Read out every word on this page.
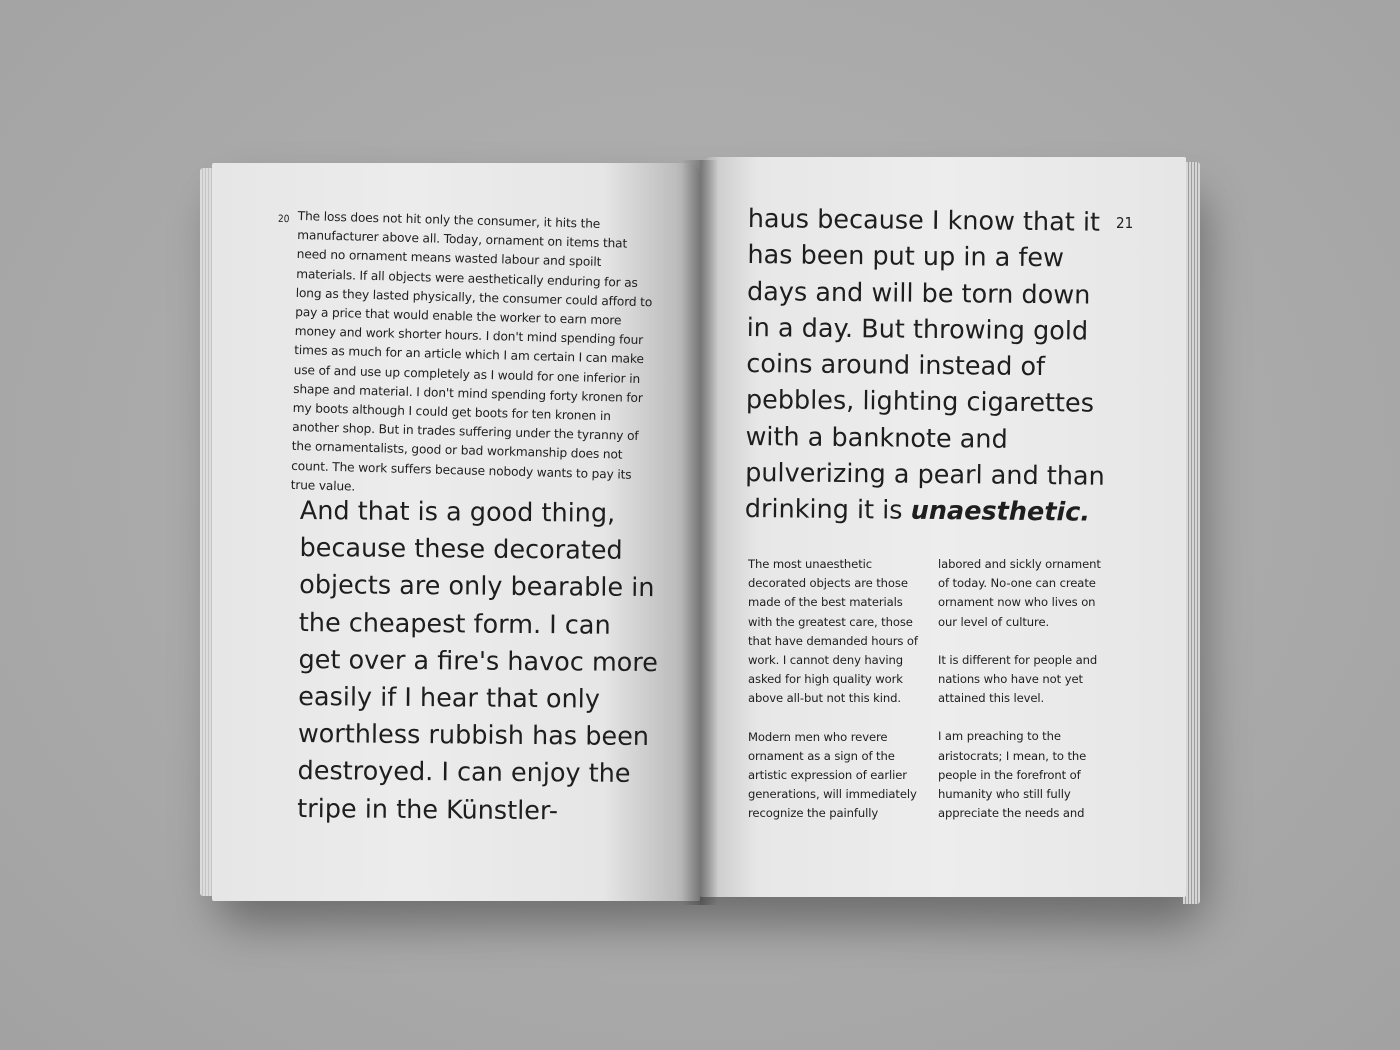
20 The loss does not hit only the consumer, it hits the manufacturer above all. Today, ornament on items that need no ornament means wasted labour and spoilt materials. If all objects were aesthetically enduring for as long as they lasted physically, the consumer could afford to pay a price that would enable the worker to earn more money and work shorter hours. I don't mind spending four times as much for an article which I am certain I can make use of and use up completely as I would for one inferior in shape and material. I don't mind spending forty kronen for my boots although I could get boots for ten kronen in another shop. But in trades suffering under the tyranny of the ornamentalists, good or bad workmanship does not count. The work suffers because nobody wants to pay its true value.

And that is a good thing, because these decorated objects are only bearable in the cheapest form. I can get over a fire's havoc more easily if I hear that only worthless rubbish has been destroyed. I can enjoy the tripe in the Künstler-

21

haus because I know that it has been put up in a few days and will be torn down in a day. But throwing gold coins around instead of pebbles, lighting cigarettes with a banknote and pulverizing a pearl and than drinking it is unaesthetic.

The most unaesthetic decorated objects are those made of the best materials with the greatest care, those that have demanded hours of work. I cannot deny having asked for high quality work above all-but not this kind.

Modern men who revere ornament as a sign of the artistic expression of earlier generations, will immediately recognize the painfully

labored and sickly ornament of today. No-one can create ornament now who lives on our level of culture.

It is different for people and nations who have not yet attained this level.

I am preaching to the aristocrats; I mean, to the people in the forefront of humanity who still fully appreciate the needs and
